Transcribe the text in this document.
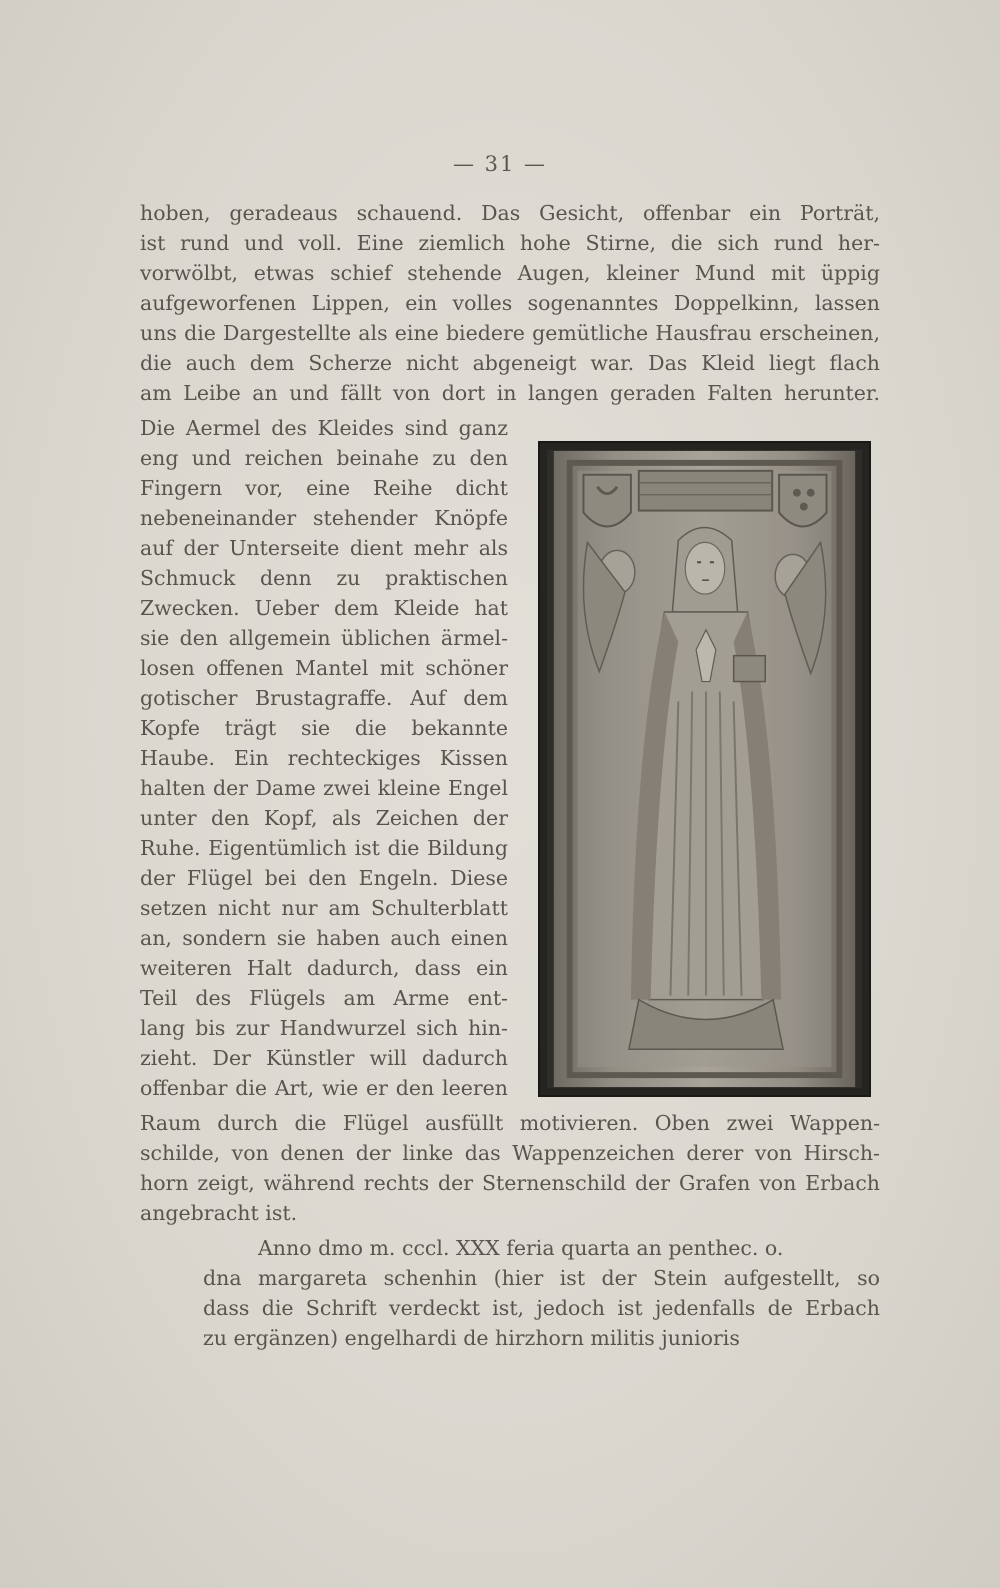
— 31 —
hoben, geradeaus schauend. Das Gesicht, offenbar ein Porträt,
ist rund und voll. Eine ziemlich hohe Stirne, die sich rund her-
vorwölbt, etwas schief stehende Augen, kleiner Mund mit üppig
aufgeworfenen Lippen, ein volles sogenanntes Doppelkinn, lassen
uns die Dargestellte als eine biedere gemütliche Hausfrau erscheinen,
die auch dem Scherze nicht abgeneigt war. Das Kleid liegt flach
am Leibe an und fällt von dort in langen geraden Falten herunter.
Die Aermel des Kleides sind ganz
eng und reichen beinahe zu den
Fingern vor, eine Reihe dicht
nebeneinander stehender Knöpfe
auf der Unterseite dient mehr als
Schmuck denn zu praktischen
Zwecken. Ueber dem Kleide hat
sie den allgemein üblichen ärmel-
losen offenen Mantel mit schöner
gotischer Brustagraffe. Auf dem
Kopfe trägt sie die bekannte
Haube. Ein rechteckiges Kissen
halten der Dame zwei kleine Engel
unter den Kopf, als Zeichen der
Ruhe. Eigentümlich ist die Bildung
der Flügel bei den Engeln. Diese
setzen nicht nur am Schulterblatt
an, sondern sie haben auch einen
weiteren Halt dadurch, dass ein
Teil des Flügels am Arme ent-
lang bis zur Handwurzel sich hin-
zieht. Der Künstler will dadurch
offenbar die Art, wie er den leeren
Raum durch die Flügel ausfüllt motivieren. Oben zwei Wappen-
schilde, von denen der linke das Wappenzeichen derer von Hirsch-
horn zeigt, während rechts der Sternenschild der Grafen von Erbach
angebracht ist.
Anno dmo m. cccl. XXX feria quarta an penthec. o.
dna margareta schenhin (hier ist der Stein aufgestellt, so
dass die Schrift verdeckt ist, jedoch ist jedenfalls de Erbach
zu ergänzen) engelhardi de hirzhorn militis junioris
